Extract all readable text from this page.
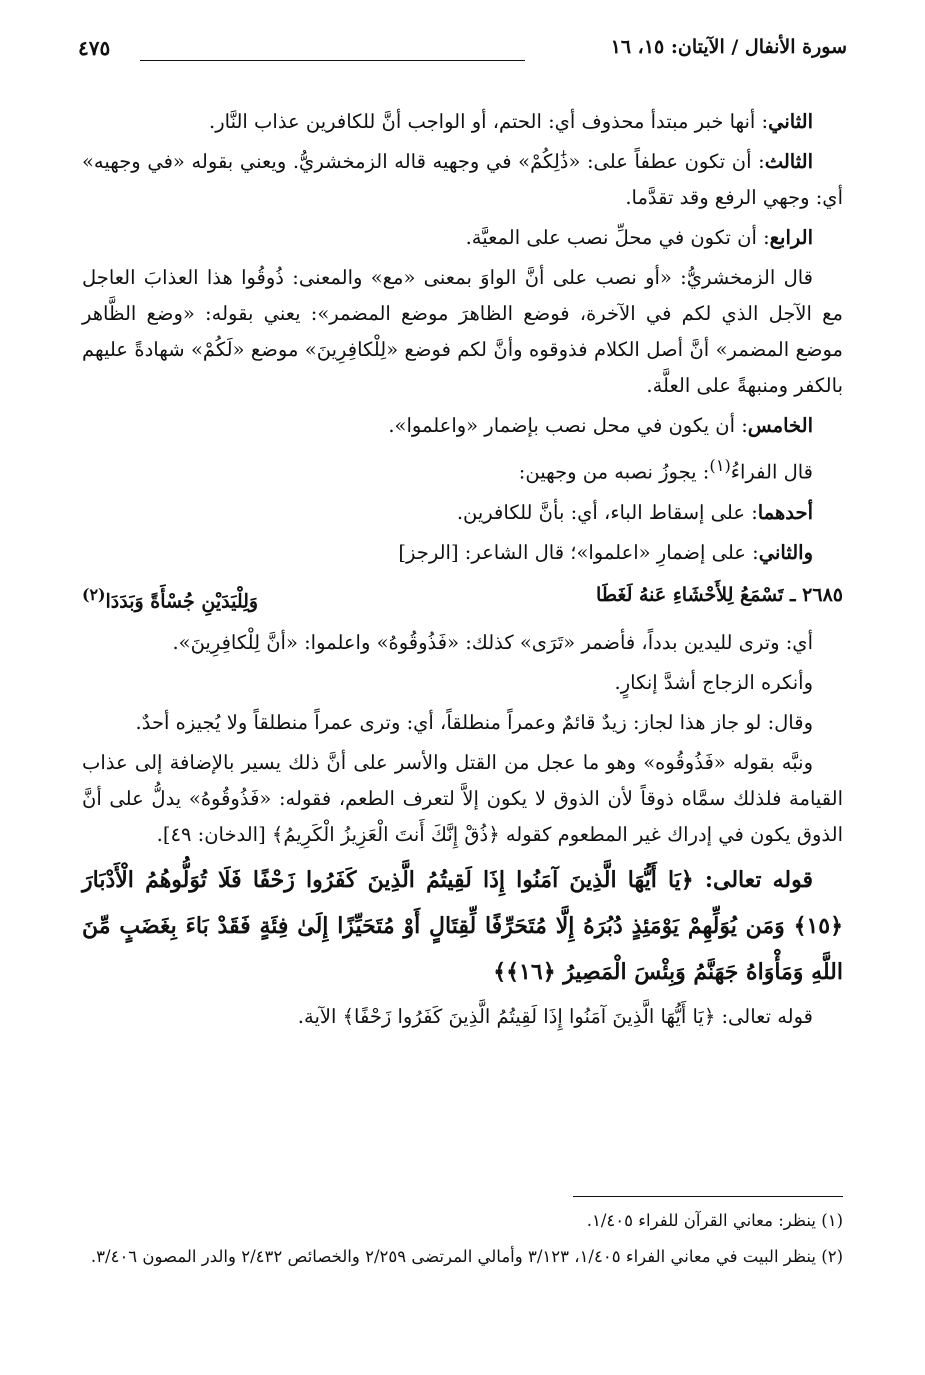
سورة الأنفال / الآيتان: ١٥، ١٦
٤٧٥

الثاني: أنها خبر مبتدأ محذوف أي: الحتم، أو الواجب أنَّ للكافرين عذاب النَّار.

الثالث: أن تكون عطفاً على: «ذَٰلِكُمْ» في وجهيه قاله الزمخشريُّ. ويعني بقوله «في وجهيه» أي: وجهي الرفع وقد تقدَّما.

الرابع: أن تكون في محلِّ نصب على المعيَّة.

قال الزمخشريُّ: «أو نصب على أنَّ الواوَ بمعنى «مع» والمعنى: ذُوقُوا هذا العذابَ العاجل مع الآجل الذي لكم في الآخرة، فوضع الظاهرَ موضع المضمر»: يعني بقوله: «وضع الظَّاهر موضع المضمر» أنَّ أصل الكلام فذوقوه وأنَّ لكم فوضع «لِلْكافِرِينَ» موضع «لَكُمْ» شهادةً عليهم بالكفر ومنبهةً على العلَّة.

الخامس: أن يكون في محل نصب بإضمار «واعلموا».

قال الفراءُ$^{(١)}$: يجوزُ نصبه من وجهين:

أحدهما: على إسقاط الباء، أي: بأنَّ للكافرين.

والثاني: على إضمارِ «اعلموا»؛ قال الشاعر: [الرجز]

٢٦٨٥ ـ تَسْمَعُ لِلأَحْشَاءِ عَنهُ لَغَطَا
وَلِلْيَدَيْنِ جُسْأَةً وَبَدَدَا$^{(٢)}$

أي: وترى لليدين بدداً، فأضمر «تَرَى» كذلك: «فَذُوقُوهُ» واعلموا: «أنَّ لِلْكافِرِينَ».

وأنكره الزجاج أشدَّ إنكارٍ.

وقال: لو جاز هذا لجاز: زيدٌ قائمٌ وعمراً منطلقاً، أي: وترى عمراً منطلقاً ولا يُجيزه أحدٌ.

ونبَّه بقوله «فَذُوقُوه» وهو ما عجل من القتل والأسر على أنَّ ذلك يسير بالإضافة إلى عذاب القيامة فلذلك سمَّاه ذوقاً لأن الذوق لا يكون إلاَّ لتعرف الطعم، فقوله: «فَذُوقُوهُ» يدلُّ على أنَّ الذوق يكون في إدراك غير المطعوم كقوله ﴿ذُقْ إِنَّكَ أَنتَ الْعَزِيزُ الْكَرِيمُ﴾ [الدخان: ٤٩].

قوله تعالى: ﴿يَا أَيُّهَا الَّذِينَ آمَنُوا إِذَا لَقِيتُمُ الَّذِينَ كَفَرُوا زَحْفًا فَلَا تُوَلُّوهُمُ الْأَدْبَارَ ﴿١٥﴾ وَمَن يُوَلِّهِمْ يَوْمَئِذٍ دُبُرَهُ إِلَّا مُتَحَرِّفًا لِّقِتَالٍ أَوْ مُتَحَيِّزًا إِلَىٰ فِئَةٍ فَقَدْ بَاءَ بِغَضَبٍ مِّنَ اللَّهِ وَمَأْوَاهُ جَهَنَّمُ وَبِئْسَ الْمَصِيرُ ﴿١٦﴾﴾

قوله تعالى: ﴿يَا أَيُّهَا الَّذِينَ آمَنُوا إِذَا لَقِيتُمُ الَّذِينَ كَفَرُوا زَحْفًا﴾ الآية.

(١) ينظر: معاني القرآن للفراء ١/٤٠٥.

(٢) ينظر البيت في معاني الفراء ١/٤٠٥، ٣/١٢٣ وأمالي المرتضى ٢/٢٥٩ والخصائص ٢/٤٣٢ والدر المصون ٣/٤٠٦.
